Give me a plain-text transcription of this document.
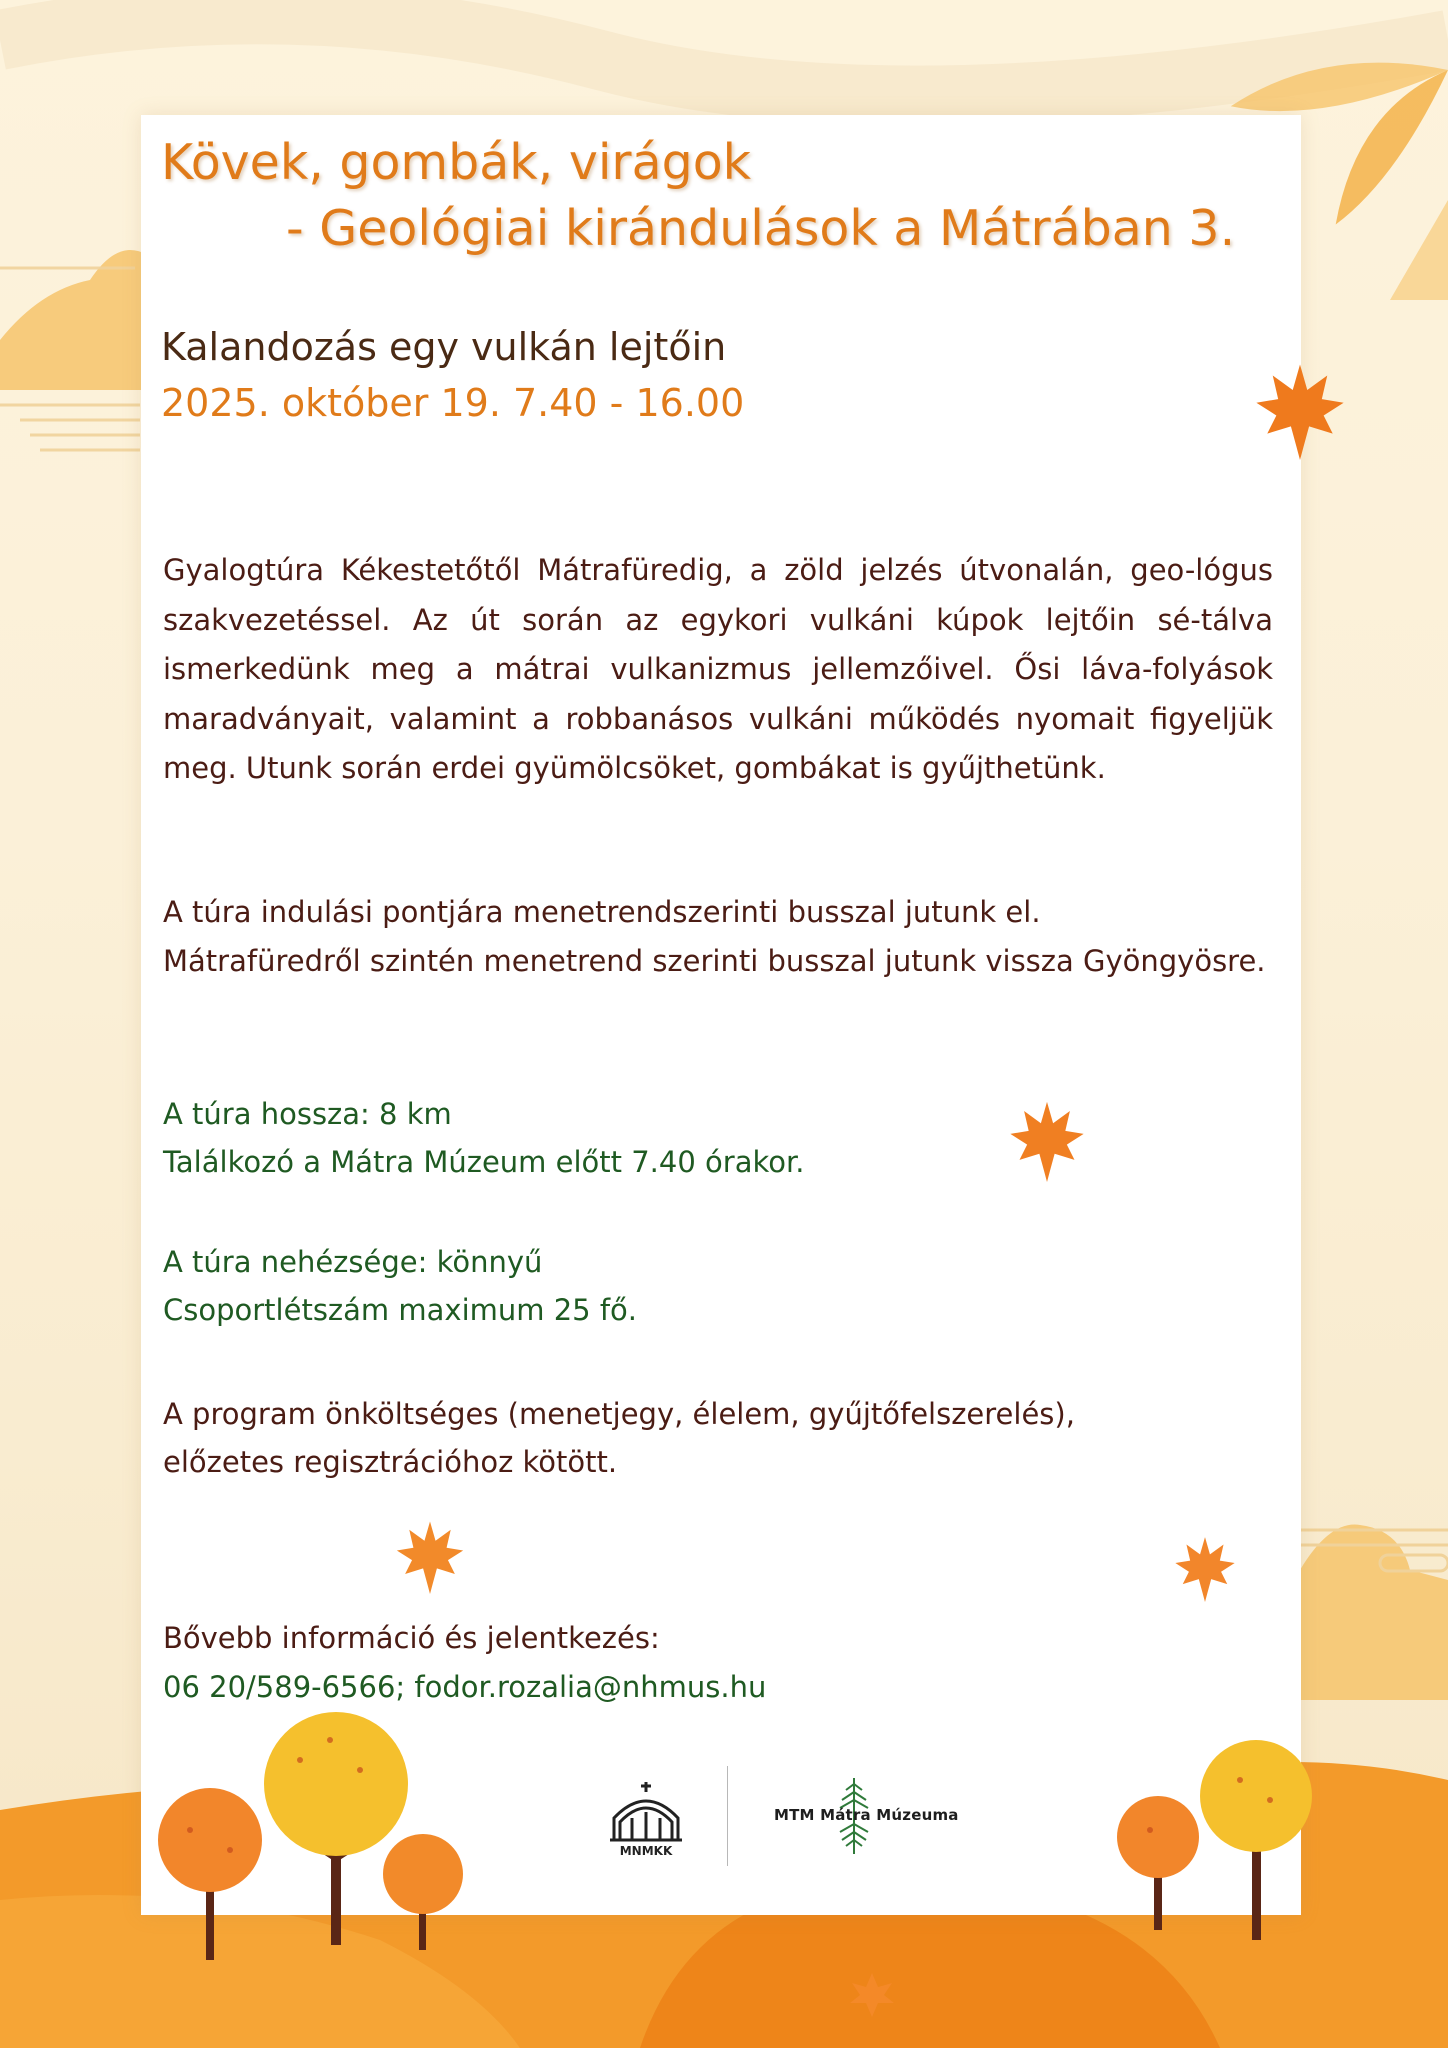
Kövek, gombák, virágok
- Geológiai kirándulások a Mátrában 3.
Kalandozás egy vulkán lejtőin
2025. október 19. 7.40 - 16.00

Gyalogtúra Kékestetőtől Mátrafüredig, a zöld jelzés útvonalán, geo-lógus szakvezetéssel. Az út során az egykori vulkáni kúpok lejtőin sé-tálva ismerkedünk meg a mátrai vulkanizmus jellemzőivel. Ősi láva-folyások maradványait, valamint a robbanásos vulkáni működés nyomait figyeljük meg. Utunk során erdei gyümölcsöket, gombákat is gyűjthetünk.

A túra indulási pontjára menetrendszerinti busszal jutunk el.
Mátrafüredről szintén menetrend szerinti busszal jutunk vissza Gyöngyösre.
A túra hossza: 8 km
Találkozó a Mátra Múzeum előtt 7.40 órakor.
A túra nehézsége: könnyű
Csoportlétszám maximum 25 fő.
A program önköltséges (menetjegy, élelem, gyűjtőfelszerelés),
előzetes regisztrációhoz kötött.
Bővebb információ és jelentkezés:
06 20/589-6566; fodor.rozalia@nhmus.hu
MNMKK
MTM Mátra Múzeuma
